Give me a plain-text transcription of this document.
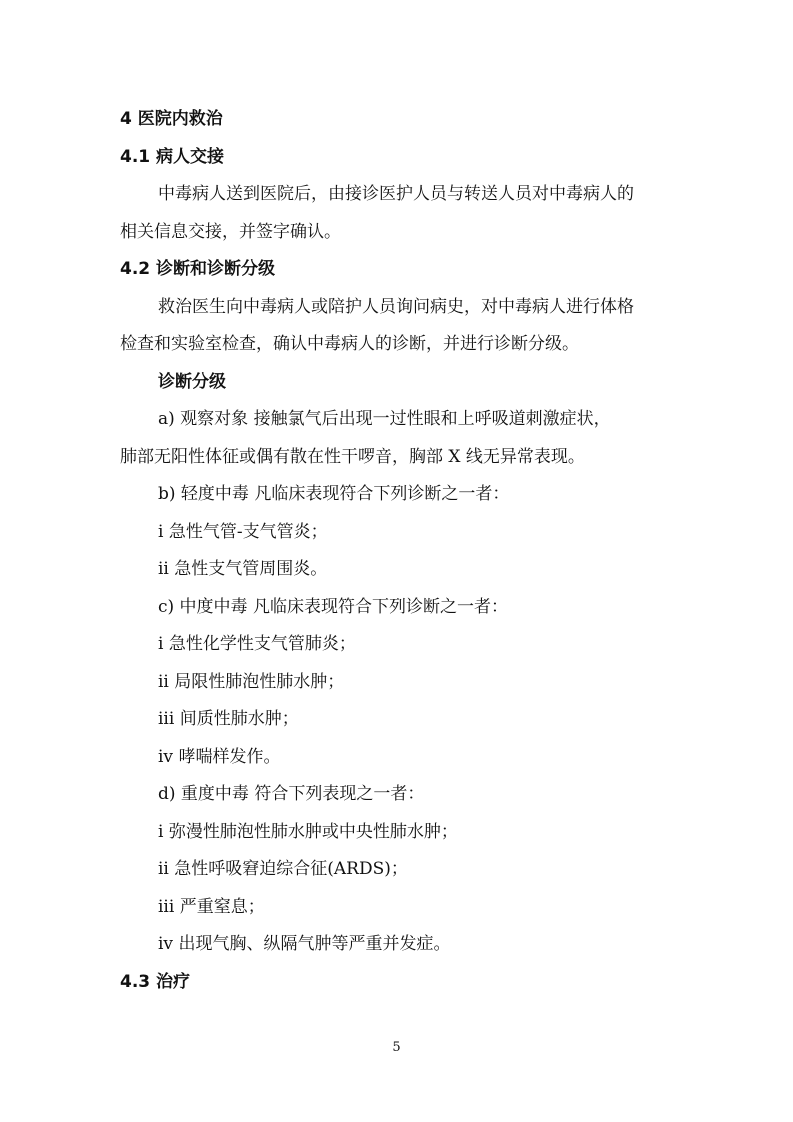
4 医院内救治
4.1 病人交接
中毒病人送到医院后，由接诊医护人员与转送人员对中毒病人的
相关信息交接，并签字确认。
4.2 诊断和诊断分级
救治医生向中毒病人或陪护人员询问病史，对中毒病人进行体格
检查和实验室检查，确认中毒病人的诊断，并进行诊断分级。
诊断分级
a) 观察对象 接触氯气后出现一过性眼和上呼吸道刺激症状，
肺部无阳性体征或偶有散在性干啰音，胸部 X 线无异常表现。
b) 轻度中毒 凡临床表现符合下列诊断之一者：
i 急性气管-支气管炎；
ii 急性支气管周围炎。
c) 中度中毒 凡临床表现符合下列诊断之一者：
i 急性化学性支气管肺炎；
ii 局限性肺泡性肺水肿；
iii 间质性肺水肿；
iv 哮喘样发作。
d) 重度中毒 符合下列表现之一者：
i 弥漫性肺泡性肺水肿或中央性肺水肿；
ii 急性呼吸窘迫综合征(ARDS)；
iii 严重窒息；
iv 出现气胸、纵隔气肿等严重并发症。
4.3 治疗
5
